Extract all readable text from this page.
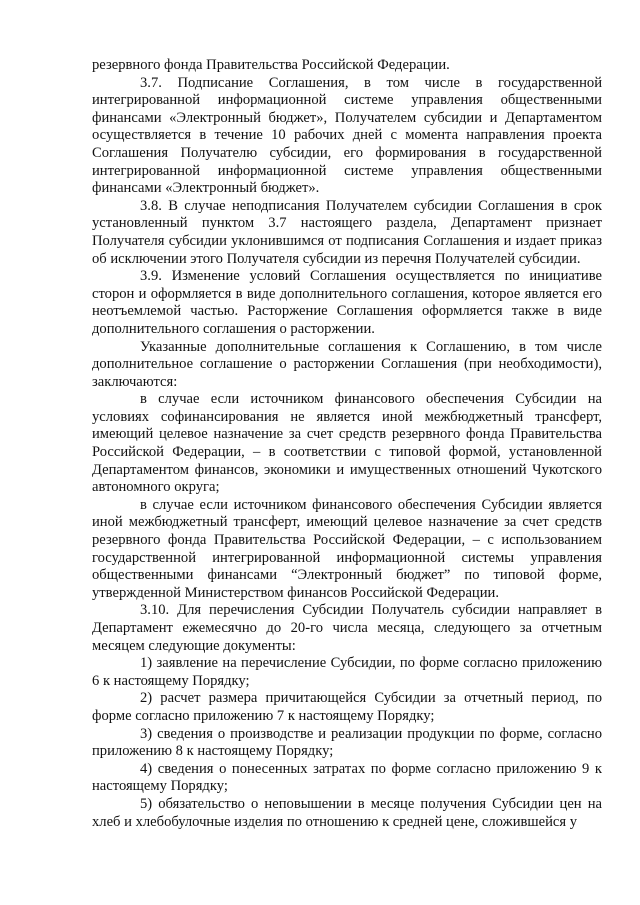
резервного фонда Правительства Российской Федерации.

3.7. Подписание Соглашения, в том числе в государственной интегрированной информационной системе управления общественными финансами «Электронный бюджет», Получателем субсидии и Департаментом осуществляется в течение 10 рабочих дней с момента направления проекта Соглашения Получателю субсидии, его формирования в государственной интегрированной информационной системе управления общественными финансами «Электронный бюджет».

3.8. В случае неподписания Получателем субсидии Соглашения в срок установленный пунктом 3.7 настоящего раздела, Департамент признает Получателя субсидии уклонившимся от подписания Соглашения и издает приказ об исключении этого Получателя субсидии из перечня Получателей субсидии.

3.9. Изменение условий Соглашения осуществляется по инициативе сторон и оформляется в виде дополнительного соглашения, которое является его неотъемлемой частью. Расторжение Соглашения оформляется также в виде дополнительного соглашения о расторжении.

Указанные дополнительные соглашения к Соглашению, в том числе дополнительное соглашение о расторжении Соглашения (при необходимости), заключаются:

в случае если источником финансового обеспечения Субсидии на условиях софинансирования не является иной межбюджетный трансферт, имеющий целевое назначение за счет средств резервного фонда Правительства Российской Федерации, – в соответствии с типовой формой, установленной Департаментом финансов, экономики и имущественных отношений Чукотского автономного округа;

в случае если источником финансового обеспечения Субсидии является иной межбюджетный трансферт, имеющий целевое назначение за счет средств резервного фонда Правительства Российской Федерации, – с использованием государственной интегрированной информационной системы управления общественными финансами “Электронный бюджет” по типовой форме, утвержденной Министерством финансов Российской Федерации.

3.10. Для перечисления Субсидии Получатель субсидии направляет в Департамент ежемесячно до 20-го числа месяца, следующего за отчетным месяцем следующие документы:

1) заявление на перечисление Субсидии, по форме согласно приложению 6 к настоящему Порядку;

2) расчет размера причитающейся Субсидии за отчетный период, по форме согласно приложению 7 к настоящему Порядку;

3) сведения о производстве и реализации продукции по форме, согласно приложению 8 к настоящему Порядку;

4) сведения о понесенных затратах по форме согласно приложению 9 к настоящему Порядку;

5) обязательство о неповышении в месяце получения Субсидии цен на хлеб и хлебобулочные изделия по отношению к средней цене, сложившейся у
